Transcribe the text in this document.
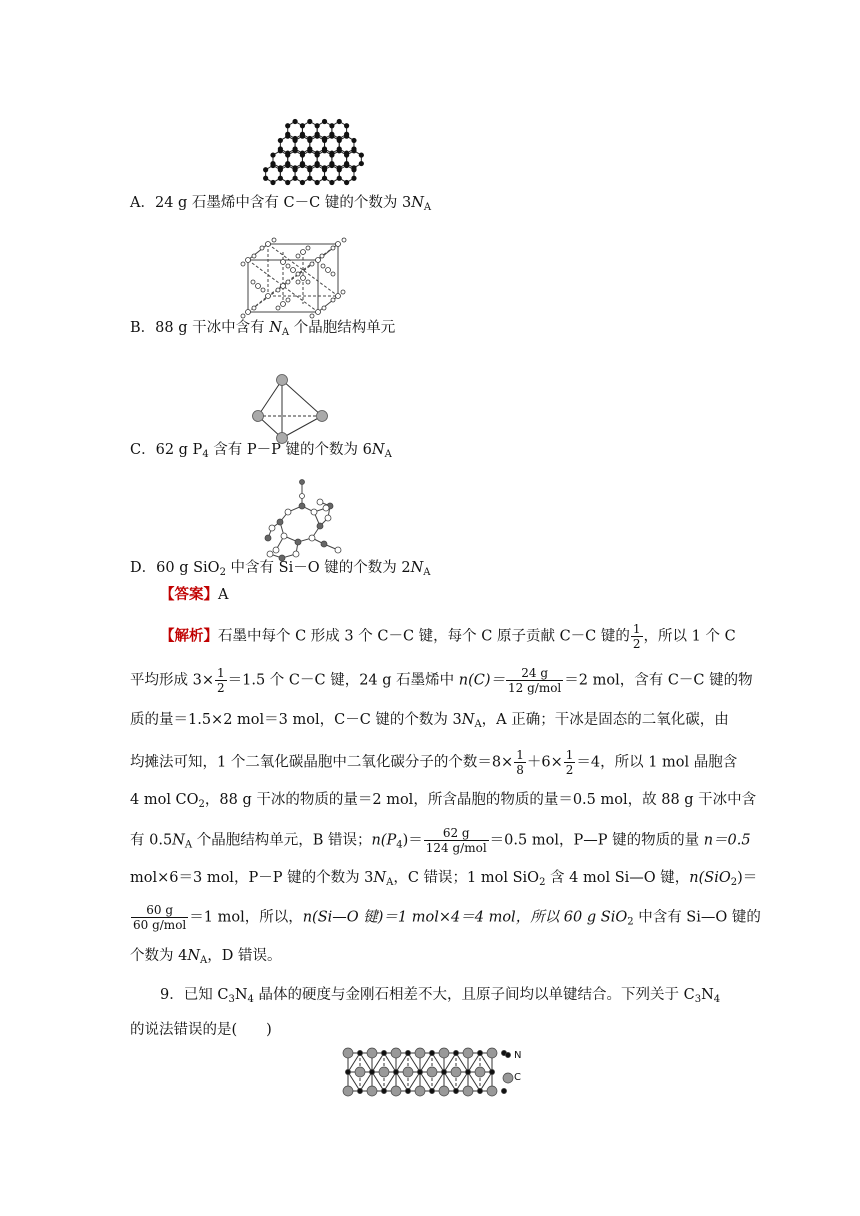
A．24 g 石墨烯中含有 C－C 键的个数为 $3N_A$
B．88 g 干冰中含有 $N_A$ 个晶胞结构单元
C．62 g $P_4$ 含有 P－P 键的个数为 $6N_A$
D．60 g SiO$_2$ 中含有 Si－O 键的个数为 $2N_A$
【答案】A
【解析】石墨中每个 C 形成 3 个 C－C 键，每个 C 原子贡献 C－C 键的 $\frac{1}{2}$ ，所以 1 个 C
平均形成 $3\times \frac{1}{2} =1.5$ 个 C－C 键，24 g 石墨烯中 $n(C)= \frac{24 g}{\text{12 g/mol}} =2$ mol，含有 C－C 键的物
质的量＝1.5×2 mol＝3 mol，C－C 键的个数为 $3N_A$，A 正确；干冰是固态的二氧化碳，由
均摊法可知，1 个二氧化碳晶胞中二氧化碳分子的个数$=8\times \frac{1}{8} +6\times \frac{1}{2} =4$，所以 1 mol 晶胞含
4 mol $CO_2$，88 g 干冰的物质的量＝2 mol，所含晶胞的物质的量＝0.5 mol，故 88 g 干冰中含
有 $0.5N_A$ 个晶胞结构单元，B 错误；$n(P_4)= \frac{62 g}{\text{124 g/mol}} =0.5$ mol，P—P 键的物质的量 n＝0.5
mol×6＝3 mol，P－P 键的个数为 $3N_A$，C 错误；1 mol SiO$_2$ 含 4 mol Si—O 键，n(SiO$_2$)＝
$\frac{60 g}{\text{60 g/mol}} =1$ mol，所以，n(Si—O 键)＝1 mol×4＝4 mol，所以 60 g SiO$_2$ 中含有 Si—O 键的
个数为 $4N_A$，D 错误。
9．已知 $C_3N_4$ 晶体的硬度与金刚石相差不大，且原子间均以单键结合。下列关于 $C_3N_4$
的说法错误的是(　　)
N
C
